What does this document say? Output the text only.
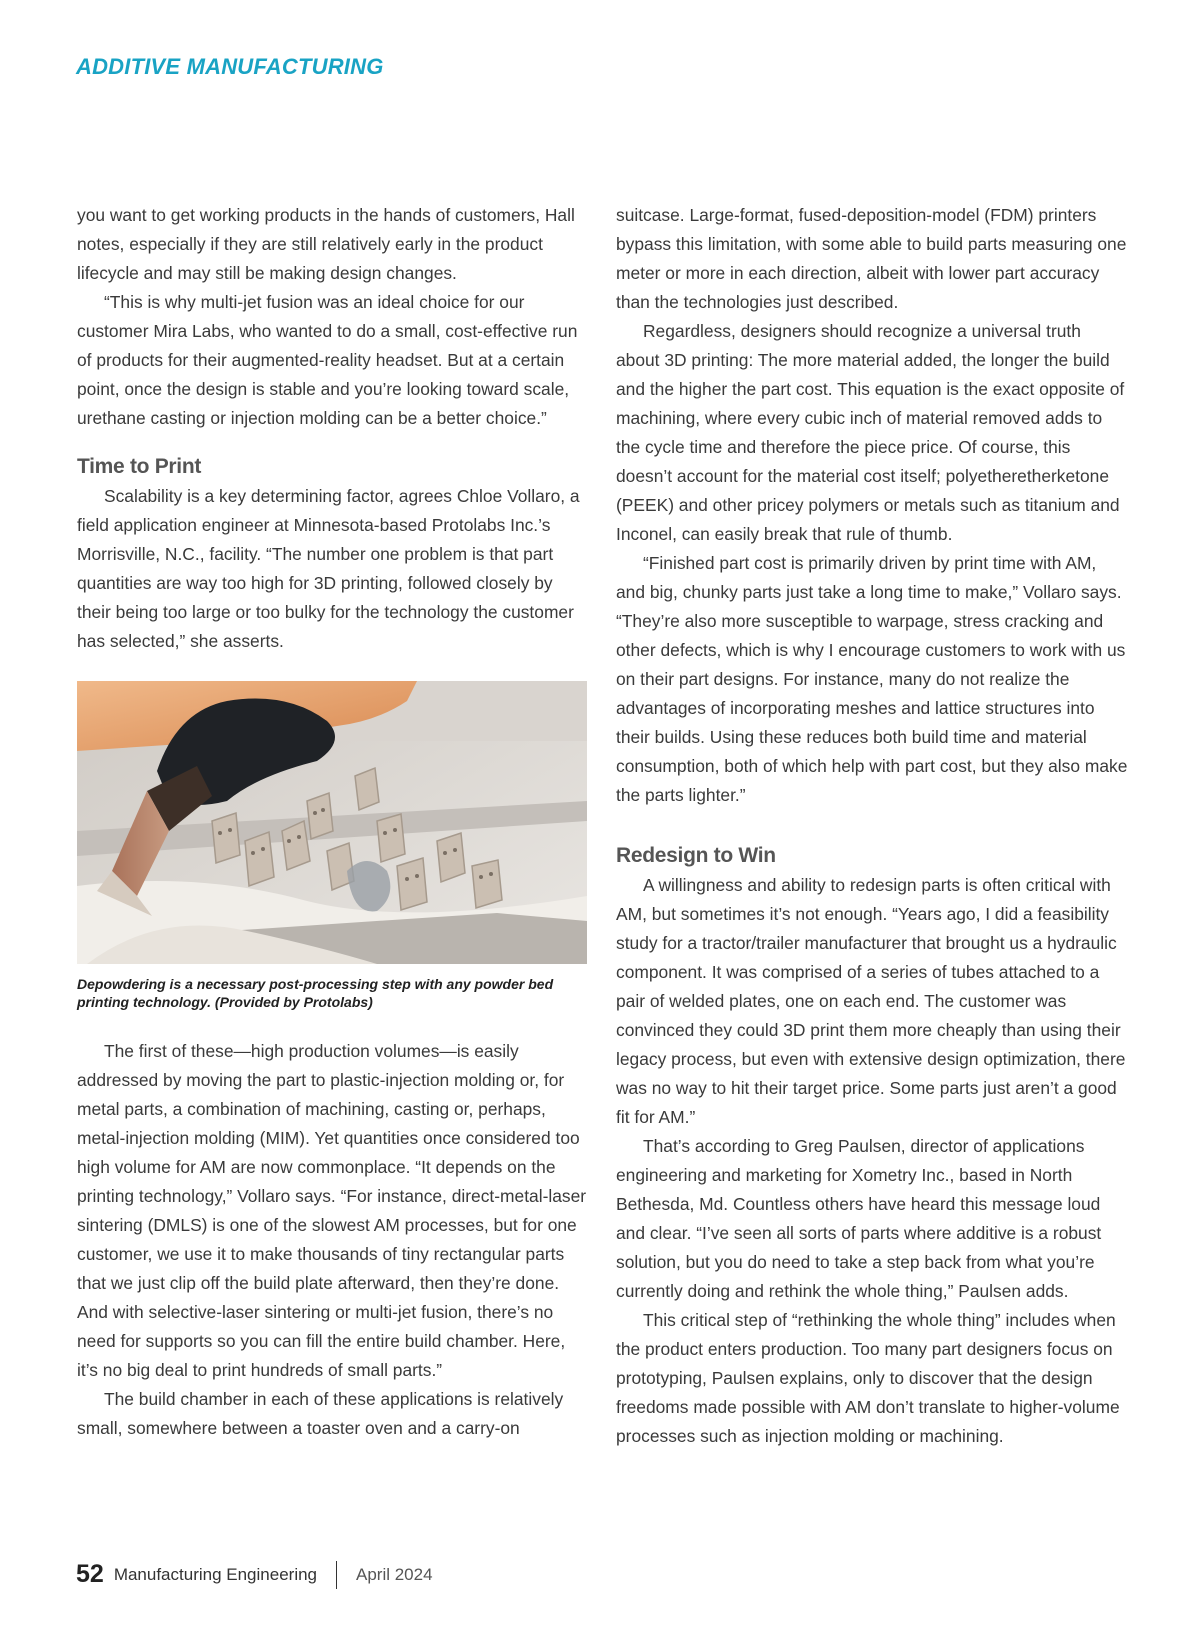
ADDITIVE MANUFACTURING

you want to get working products in the hands of customers, Hall notes, especially if they are still relatively early in the product lifecycle and may still be making design changes.

“This is why multi-jet fusion was an ideal choice for our customer Mira Labs, who wanted to do a small, cost-effective run of products for their augmented-reality headset. But at a certain point, once the design is stable and you’re looking toward scale, urethane casting or injection molding can be a better choice.”

Time to Print

Scalability is a key determining factor, agrees Chloe Vollaro, a field application engineer at Minnesota-based Protolabs Inc.’s Morrisville, N.C., facility. “The number one problem is that part quantities are way too high for 3D printing, followed closely by their being too large or too bulky for the technology the customer has selected,” she asserts.

Depowdering is a necessary post-processing step with any powder bed printing technology. (Provided by Protolabs)

The first of these—high production volumes—is easily addressed by moving the part to plastic-injection molding or, for metal parts, a combination of machining, casting or, perhaps, metal-injection molding (MIM). Yet quantities once considered too high volume for AM are now commonplace. “It depends on the printing technology,” Vollaro says. “For instance, direct-metal-laser sintering (DMLS) is one of the slowest AM processes, but for one customer, we use it to make thousands of tiny rectangular parts that we just clip off the build plate afterward, then they’re done. And with selective-laser sintering or multi-jet fusion, there’s no need for supports so you can fill the entire build chamber. Here, it’s no big deal to print hundreds of small parts.”

The build chamber in each of these applications is relatively small, somewhere between a toaster oven and a carry-on

suitcase. Large-format, fused-deposition-model (FDM) printers bypass this limitation, with some able to build parts measuring one meter or more in each direction, albeit with lower part accuracy than the technologies just described.

Regardless, designers should recognize a universal truth about 3D printing: The more material added, the longer the build and the higher the part cost. This equation is the exact opposite of machining, where every cubic inch of material removed adds to the cycle time and therefore the piece price. Of course, this doesn’t account for the material cost itself; polyetheretherketone (PEEK) and other pricey polymers or metals such as titanium and Inconel, can easily break that rule of thumb.

“Finished part cost is primarily driven by print time with AM, and big, chunky parts just take a long time to make,” Vollaro says. “They’re also more susceptible to warpage, stress cracking and other defects, which is why I encourage customers to work with us on their part designs. For instance, many do not realize the advantages of incorporating meshes and lattice structures into their builds. Using these reduces both build time and material consumption, both of which help with part cost, but they also make the parts lighter.”

Redesign to Win

A willingness and ability to redesign parts is often critical with AM, but sometimes it’s not enough. “Years ago, I did a feasibility study for a tractor/trailer manufacturer that brought us a hydraulic component. It was comprised of a series of tubes attached to a pair of welded plates, one on each end. The customer was convinced they could 3D print them more cheaply than using their legacy process, but even with extensive design optimization, there was no way to hit their target price. Some parts just aren’t a good fit for AM.”

That’s according to Greg Paulsen, director of applications engineering and marketing for Xometry Inc., based in North Bethesda, Md. Countless others have heard this message loud and clear. “I’ve seen all sorts of parts where additive is a robust solution, but you do need to take a step back from what you’re currently doing and rethink the whole thing,” Paulsen adds.

This critical step of “rethinking the whole thing” includes when the product enters production. Too many part designers focus on prototyping, Paulsen explains, only to discover that the design freedoms made possible with AM don’t translate to higher-volume processes such as injection molding or machining.

52 Manufacturing Engineering April 2024
